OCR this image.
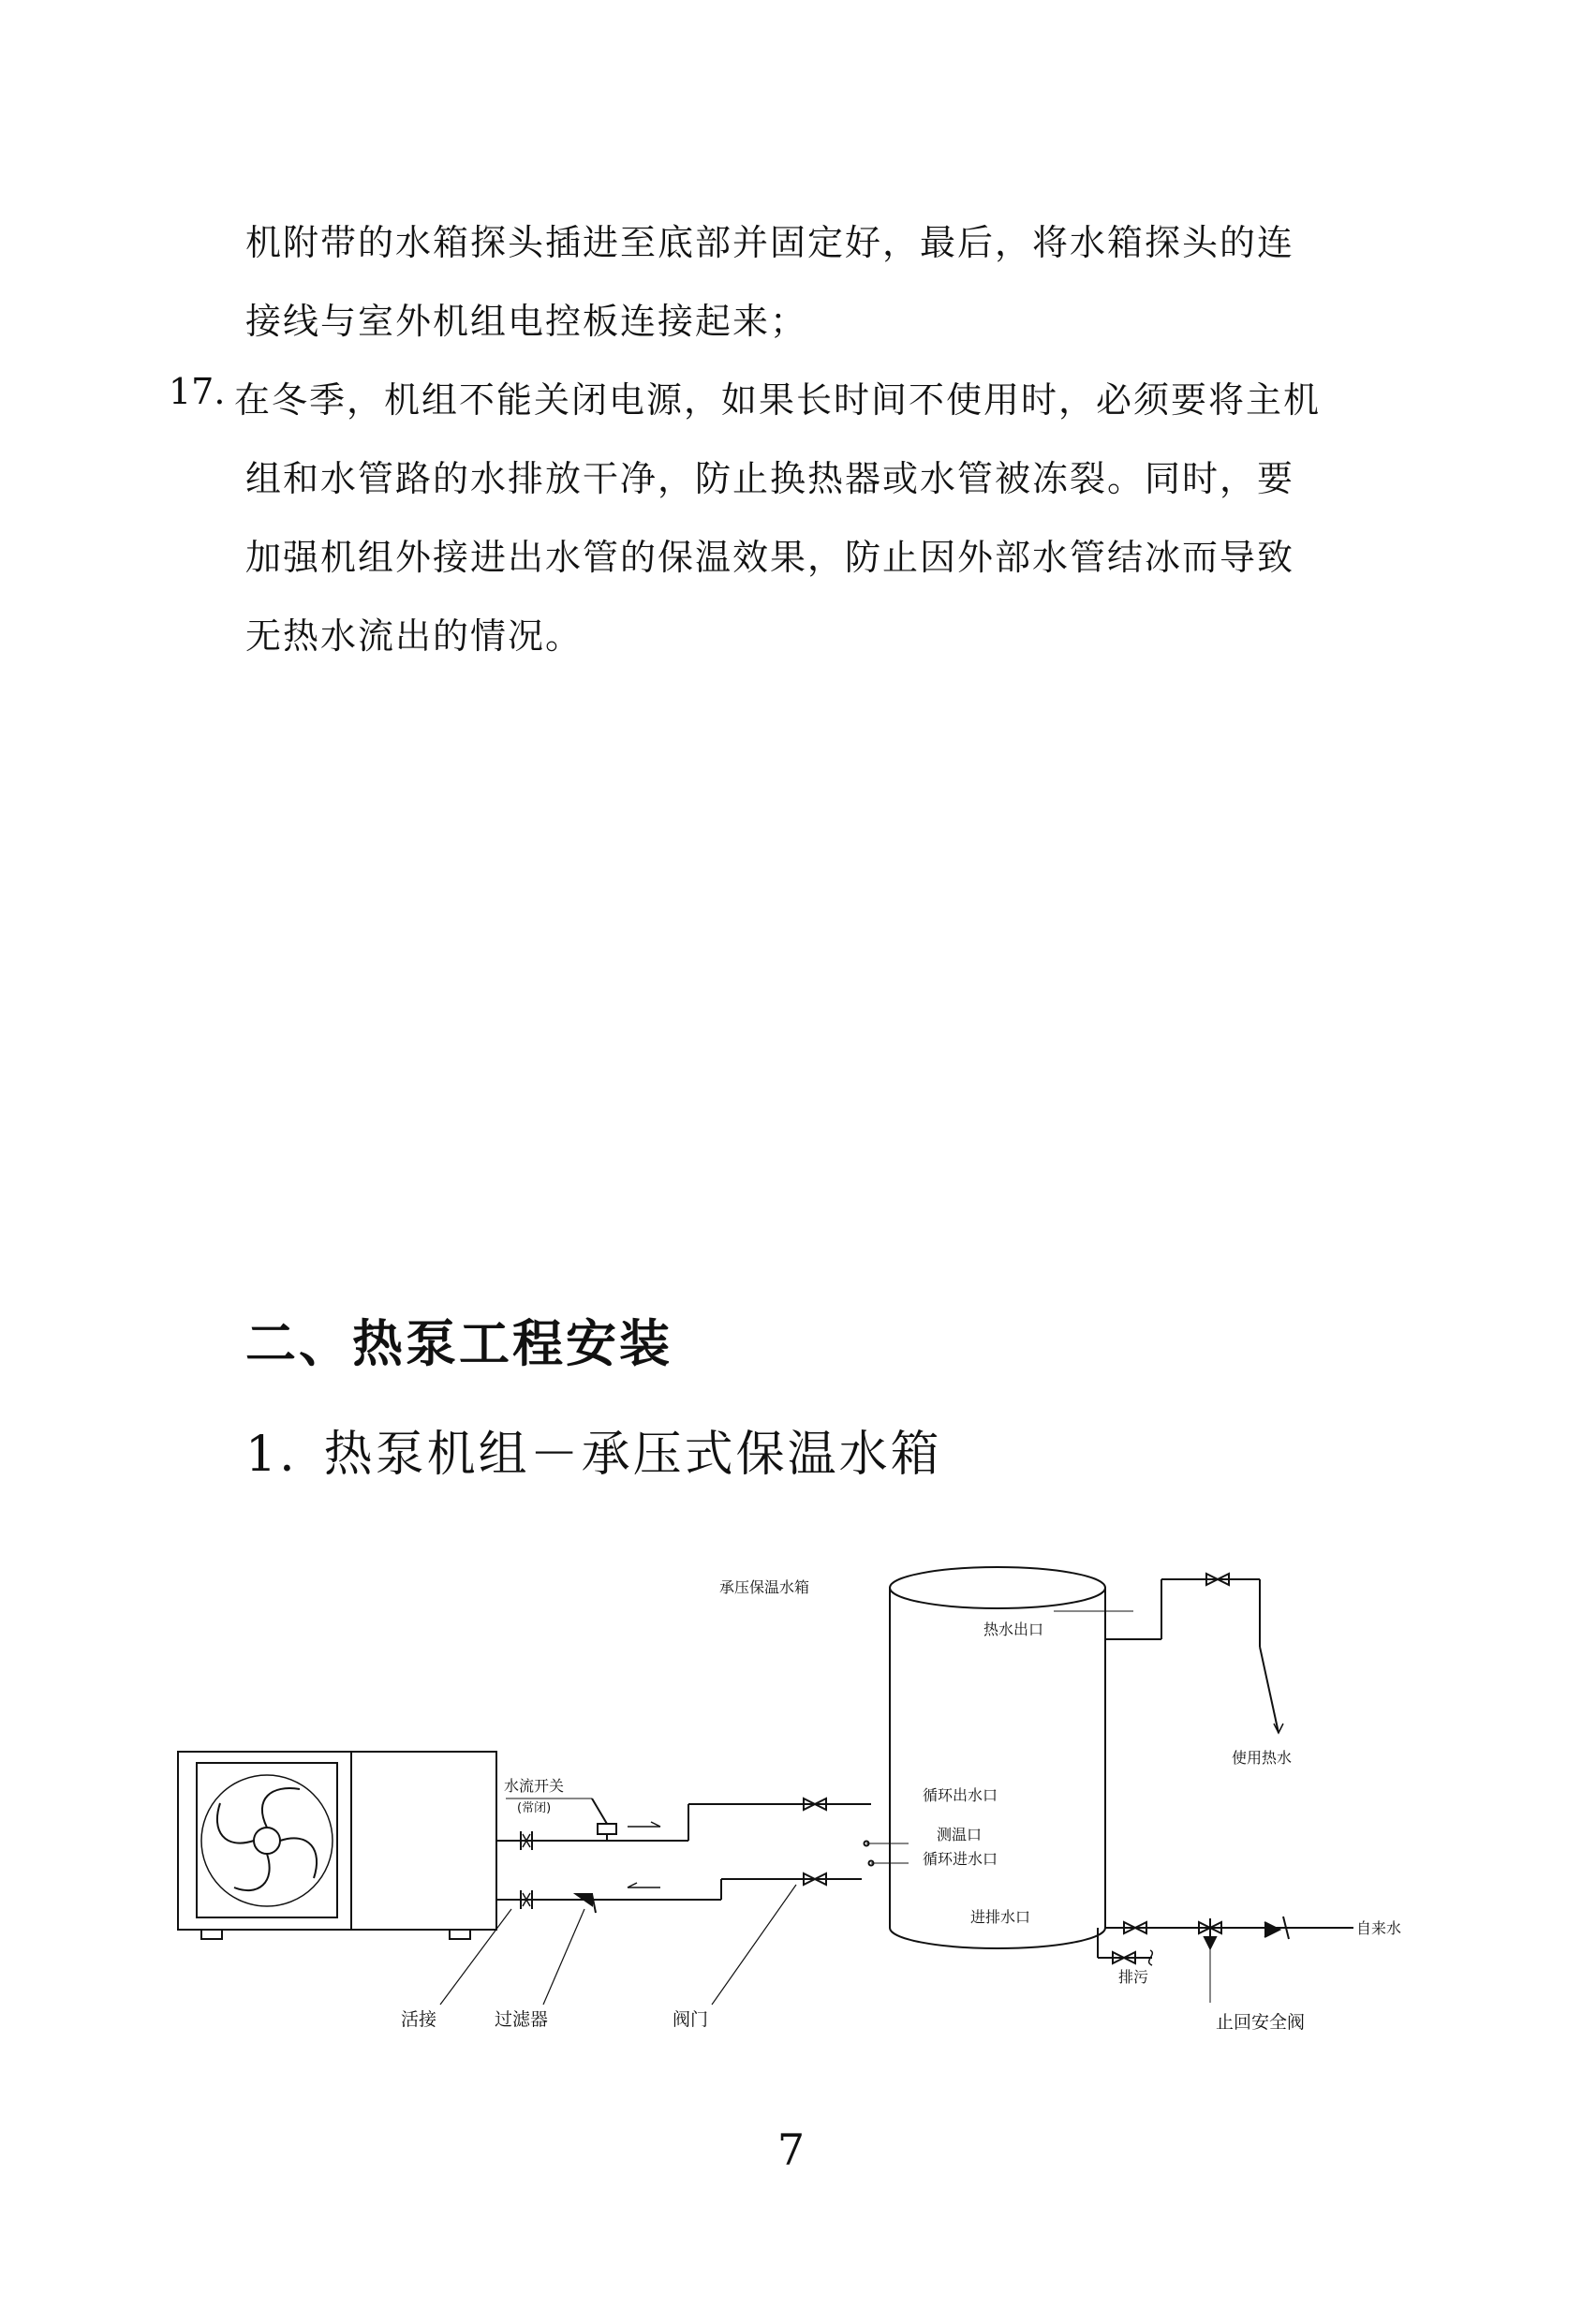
机附带的水箱探头插进至底部并固定好，最后，将水箱探头的连
接线与室外机组电控板连接起来；
17. 在冬季，机组不能关闭电源，如果长时间不使用时，必须要将主机
组和水管路的水排放干净，防止换热器或水管被冻裂。同时，要
加强机组外接进出水管的保温效果，防止因外部水管结冰而导致
无热水流出的情况。
二、热泵工程安装
1. 热泵机组－承压式保温水箱
承压保温水箱
热水出口
使用热水
水流开关
(常闭)
循环出水口
测温口
循环进水口
进排水口
自来水
排污
活接	过滤器	阀门	止回安全阀
7
